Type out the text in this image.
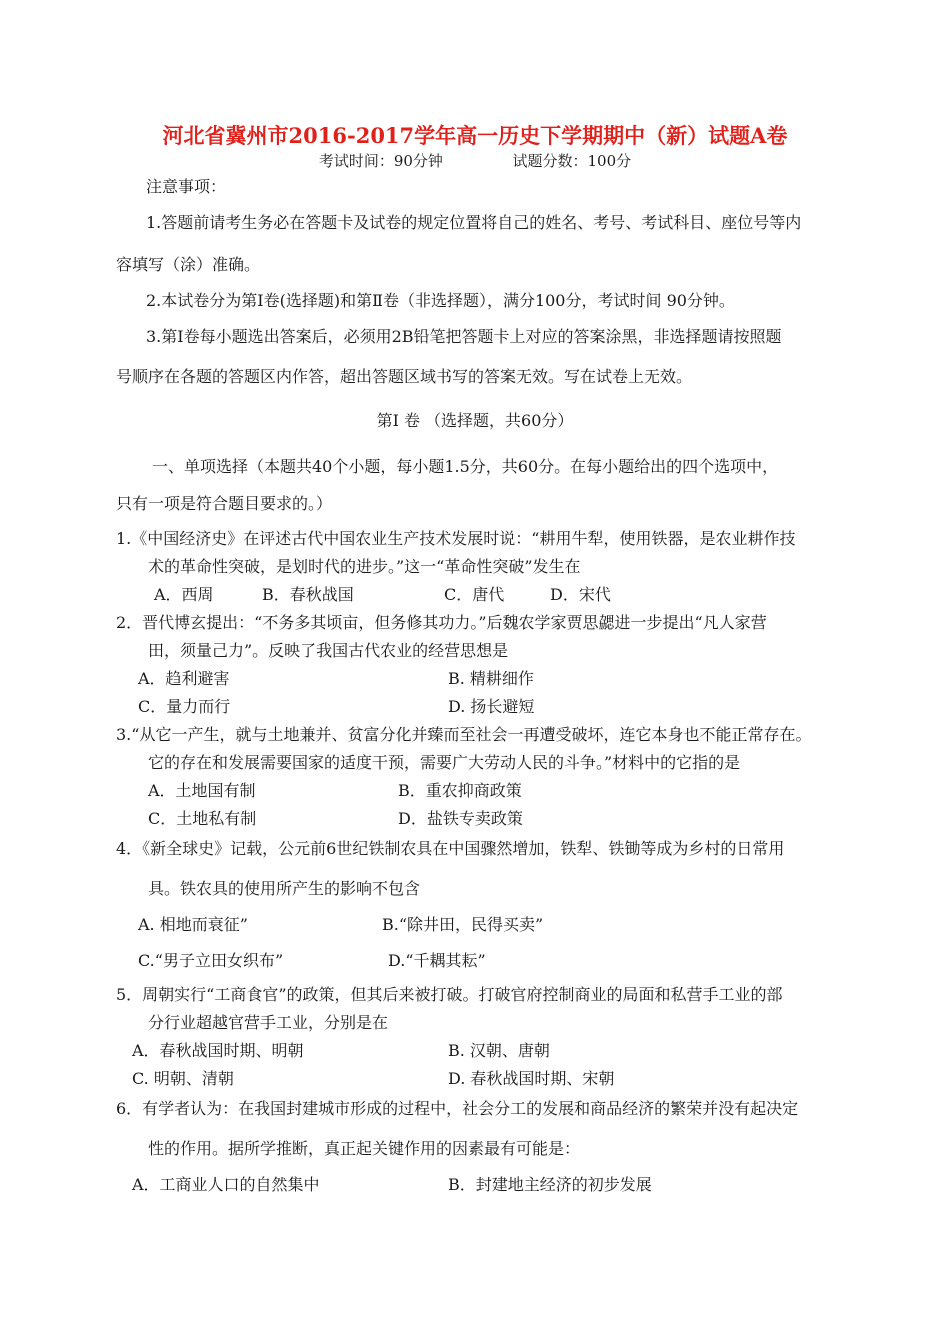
河北省冀州市2016-2017学年高一历史下学期期中（新）试题A卷
考试时间：90分钟	试题分数：100分
注意事项：
1.答题前请考生务必在答题卡及试卷的规定位置将自己的姓名、考号、考试科目、座位号等内
容填写（涂）准确。
2.本试卷分为第Ⅰ卷(选择题)和第Ⅱ卷（非选择题），满分100分，考试时间 90分钟。
3.第Ⅰ卷每小题选出答案后，必须用2B铅笔把答题卡上对应的答案涂黑，非选择题请按照题
号顺序在各题的答题区内作答，超出答题区域书写的答案无效。写在试卷上无效。
第Ⅰ 卷 （选择题，共60分）
一、单项选择（本题共40个小题，每小题1.5分，共60分。在每小题给出的四个选项中，
只有一项是符合题目要求的。）
1.《中国经济史》在评述古代中国农业生产技术发展时说：“耕用牛犁，使用铁器，是农业耕作技
术的革命性突破，是划时代的进步。”这一“革命性突破”发生在
A．西周	B．春秋战国	C．唐代	D．宋代
2．晋代博玄提出：“不务多其顷亩，但务修其功力。”后魏农学家贾思勰进一步提出“凡人家营
田，须量己力”。反映了我国古代农业的经营思想是
A．趋利避害	B. 精耕细作
C．量力而行	D. 扬长避短
3.“从它一产生，就与土地兼并、贫富分化并臻而至社会一再遭受破坏，连它本身也不能正常存在。
它的存在和发展需要国家的适度干预，需要广大劳动人民的斗争。”材料中的它指的是
A．土地国有制	B．重农抑商政策
C．土地私有制	D．盐铁专卖政策
4．《新全球史》记载，公元前6世纪铁制农具在中国骤然增加，铁犁、铁锄等成为乡村的日常用
具。铁农具的使用所产生的影响不包含
A. 相地而衰征”	B.“除井田，民得买卖”
C.“男子立田女织布”	D.“千耦其耘”
5．周朝实行“工商食官”的政策，但其后来被打破。打破官府控制商业的局面和私营手工业的部
分行业超越官营手工业，分别是在
A．春秋战国时期、明朝	B. 汉朝、唐朝
C. 明朝、清朝	D. 春秋战国时期、宋朝
6．有学者认为：在我国封建城市形成的过程中，社会分工的发展和商品经济的繁荣并没有起决定
性的作用。据所学推断，真正起关键作用的因素最有可能是：
A．工商业人口的自然集中	B．封建地主经济的初步发展
